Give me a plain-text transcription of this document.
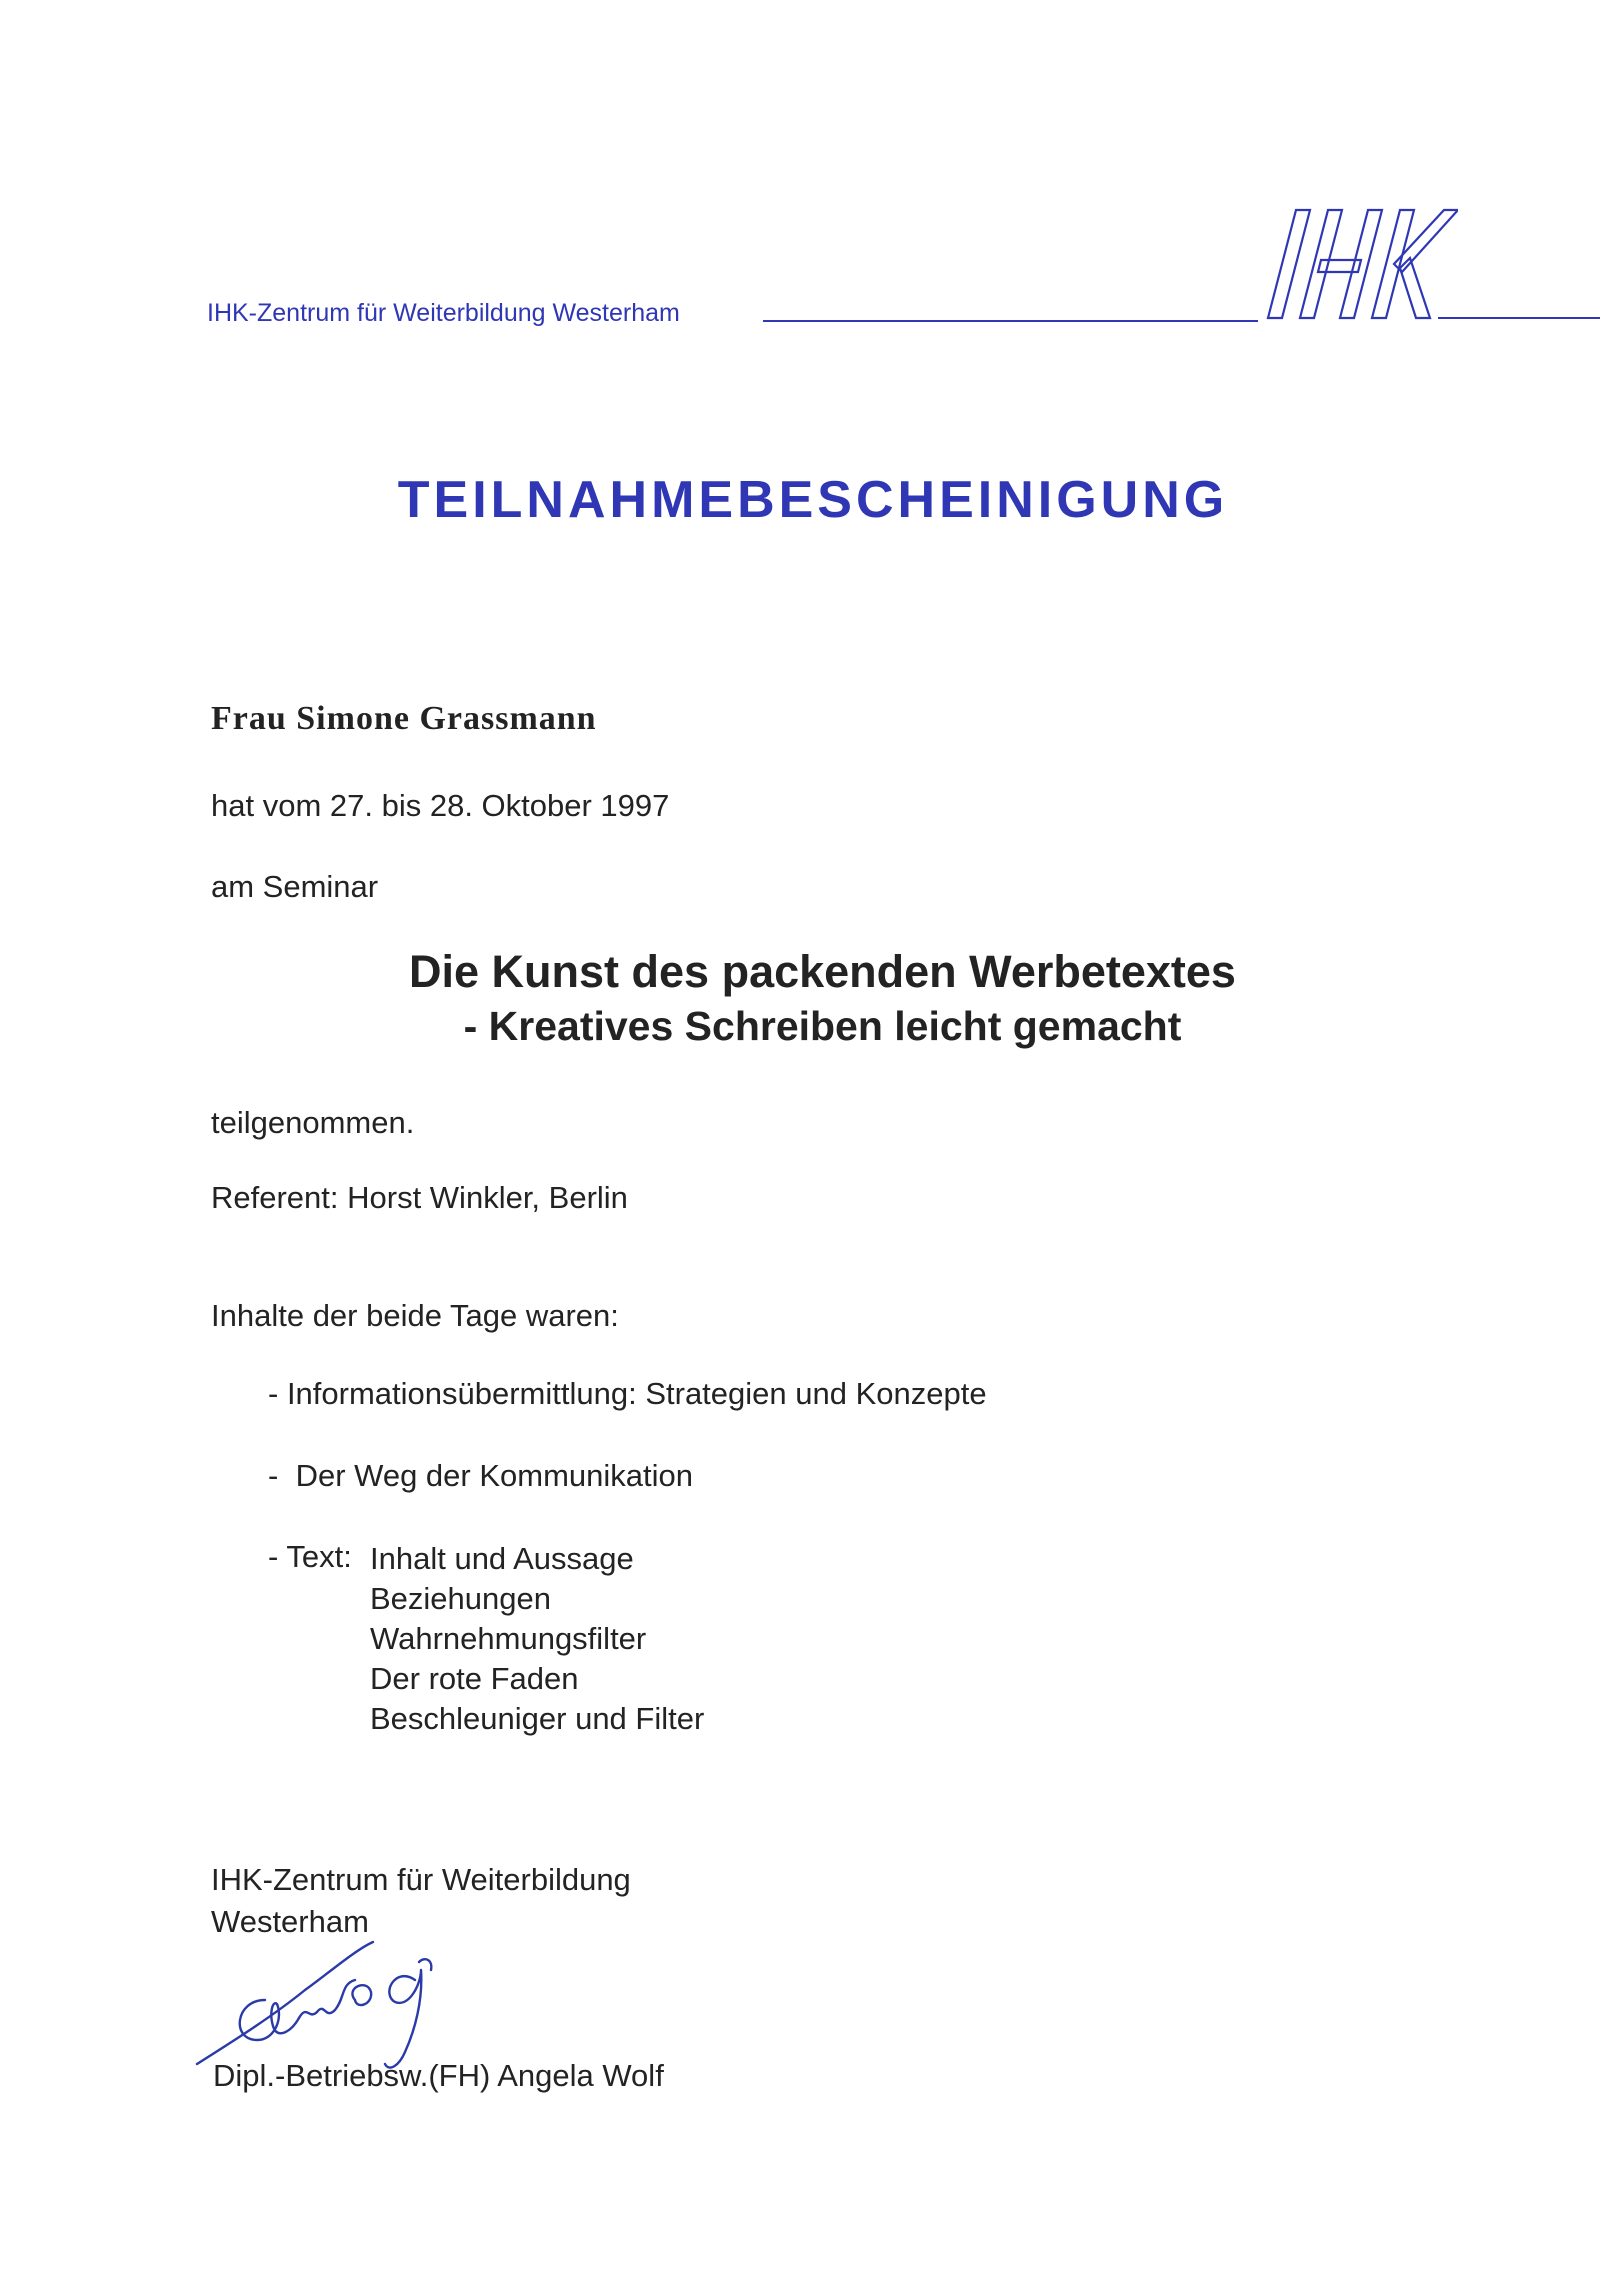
IHK-Zentrum für Weiterbildung Westerham
TEILNAHMEBESCHEINIGUNG
Frau Simone Grassmann
hat vom 27. bis 28. Oktober 1997
am Seminar
Die Kunst des packenden Werbetextes
- Kreatives Schreiben leicht gemacht
teilgenommen.
Referent: Horst Winkler, Berlin
Inhalte der beide Tage waren:
- Informationsübermittlung: Strategien und Konzepte
-  Der Weg der Kommunikation
- Text: Inhalt und Aussage
Beziehungen
Wahrnehmungsfilter
Der rote Faden
Beschleuniger und Filter
IHK-Zentrum für Weiterbildung
Westerham
Dipl.-Betriebsw.(FH) Angela Wolf
